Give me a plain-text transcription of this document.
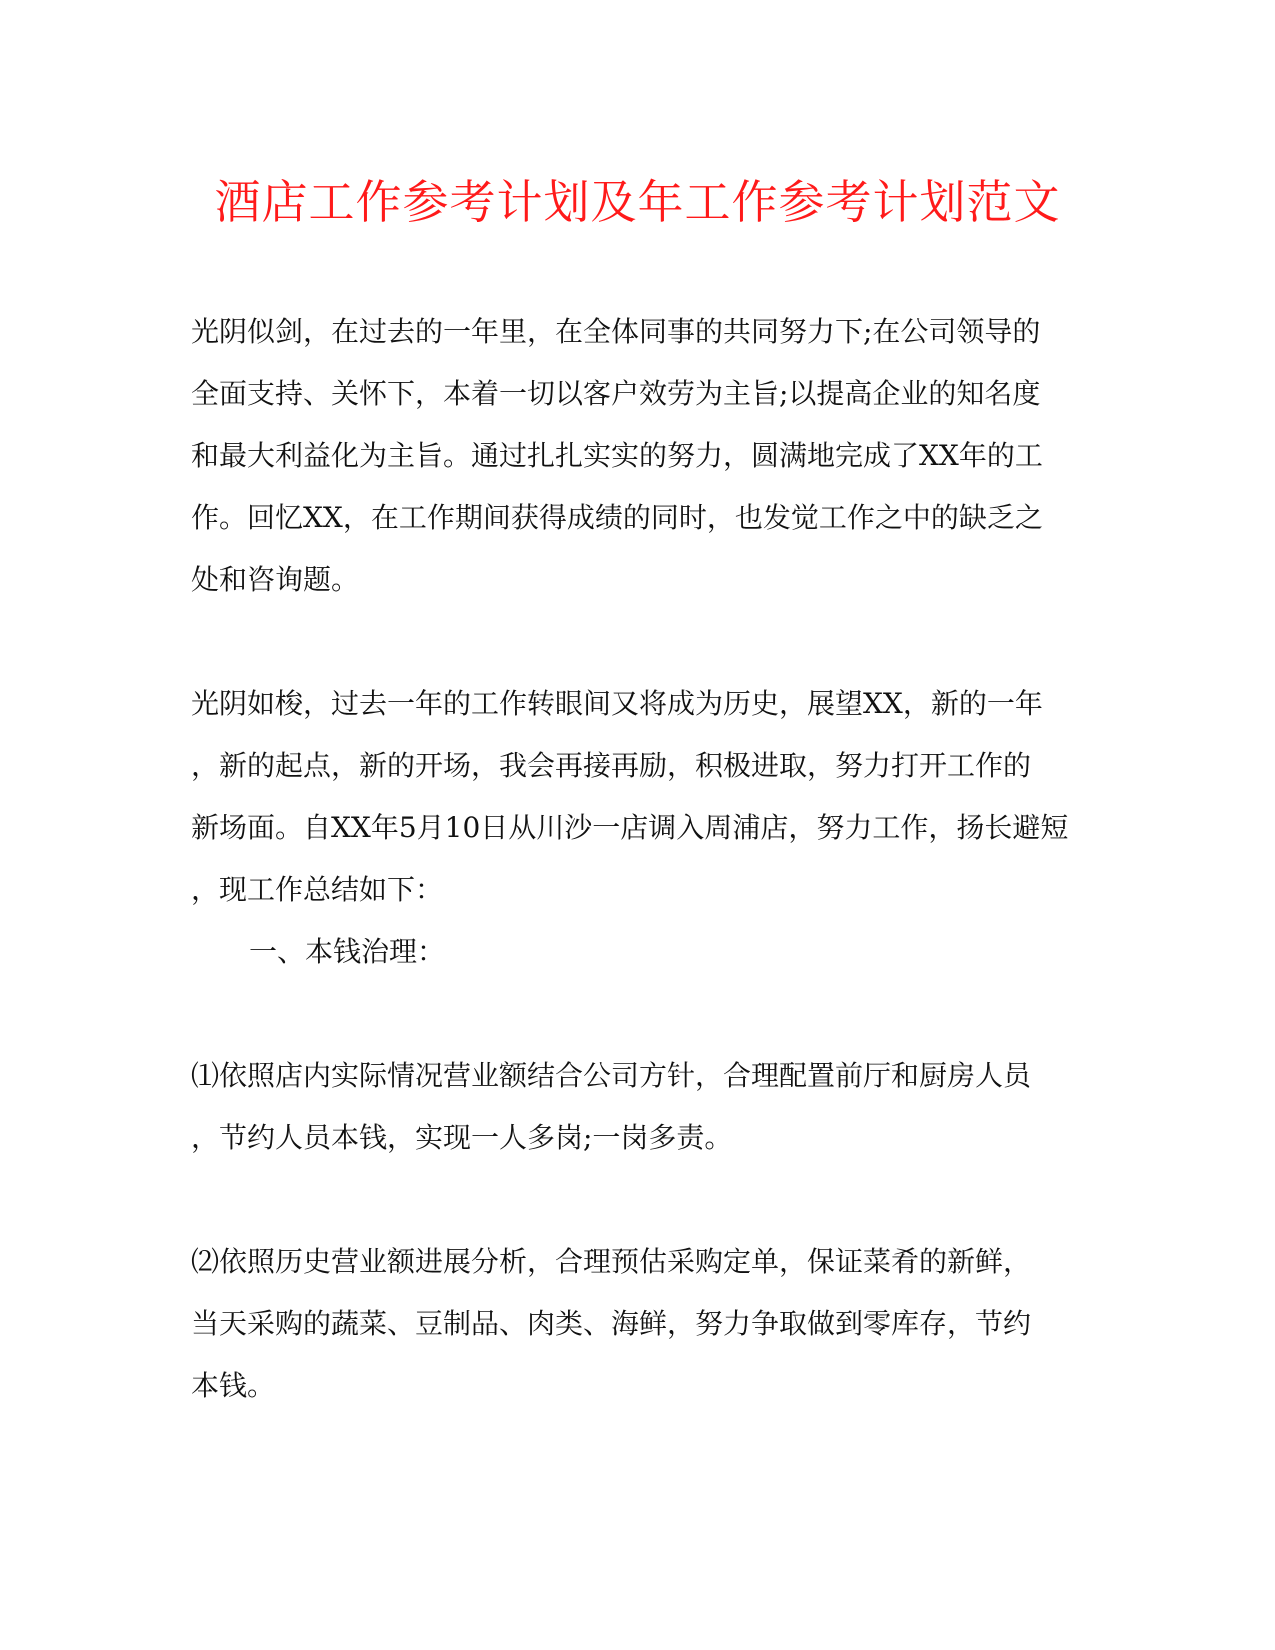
酒店工作参考计划及年工作参考计划范文
光阴似剑，在过去的一年里，在全体同事的共同努力下;在公司领导的
全面支持、关怀下，本着一切以客户效劳为主旨;以提高企业的知名度
和最大利益化为主旨。通过扎扎实实的努力，圆满地完成了XX年的工
作。回忆XX，在工作期间获得成绩的同时，也发觉工作之中的缺乏之
处和咨询题。
光阴如梭，过去一年的工作转眼间又将成为历史，展望XX，新的一年
，新的起点，新的开场，我会再接再励，积极进取，努力打开工作的
新场面。自XX年5月10日从川沙一店调入周浦店，努力工作，扬长避短
，现工作总结如下：
一、本钱治理：
⑴依照店内实际情况营业额结合公司方针，合理配置前厅和厨房人员
，节约人员本钱，实现一人多岗;一岗多责。
⑵依照历史营业额进展分析，合理预估采购定单，保证菜肴的新鲜，
当天采购的蔬菜、豆制品、肉类、海鲜，努力争取做到零库存，节约
本钱。
